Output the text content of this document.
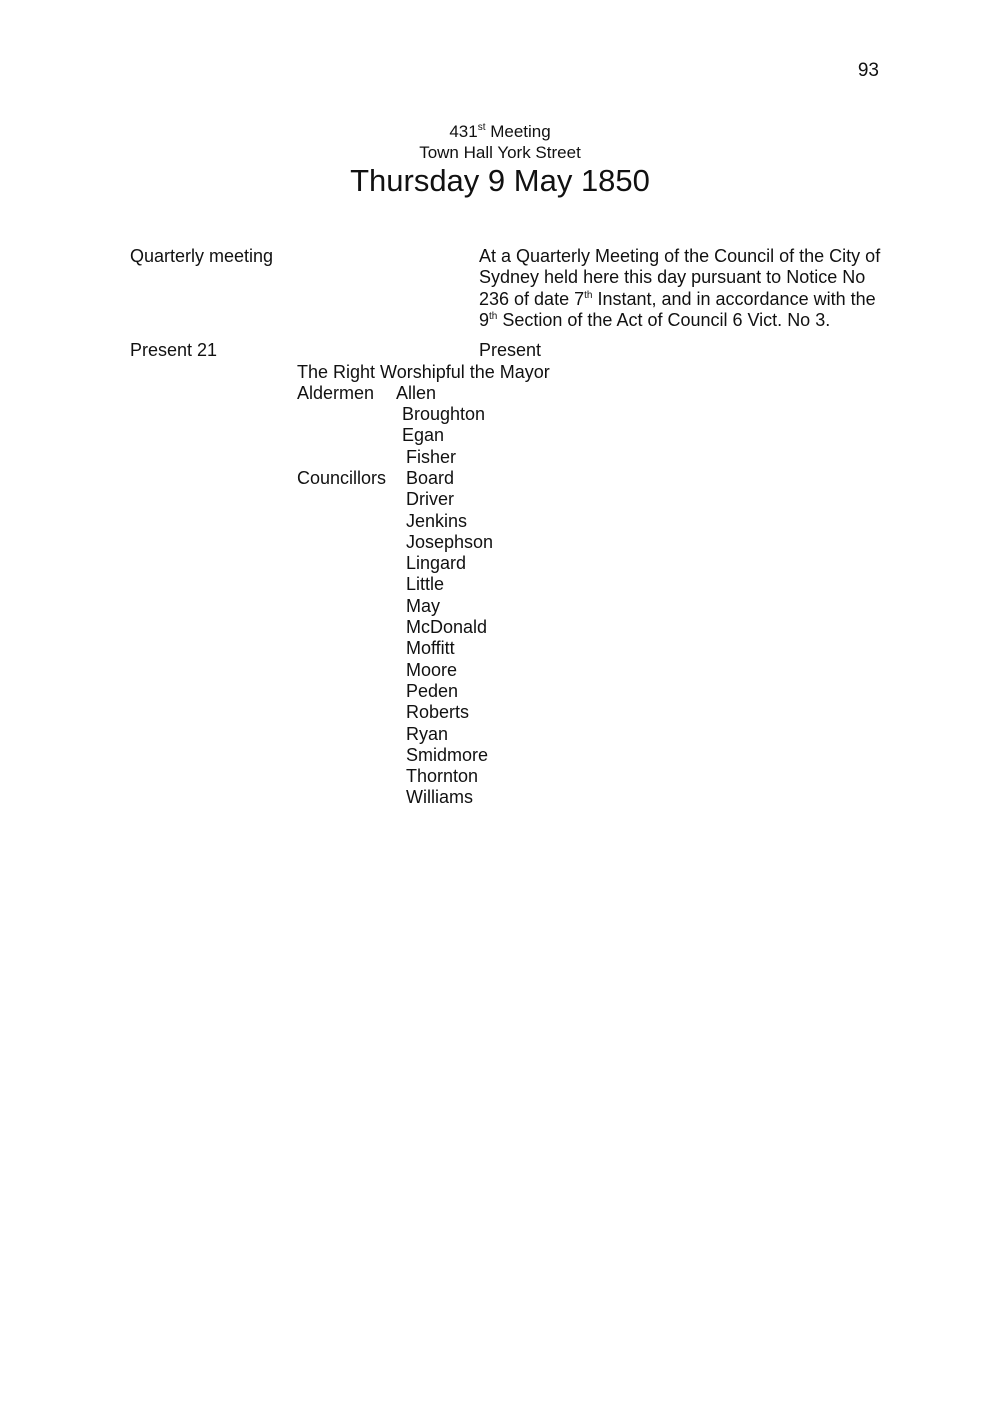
93
431st Meeting
Town Hall York Street
Thursday 9 May 1850
Quarterly meeting	At a Quarterly Meeting of the Council of the City of
Sydney held here this day pursuant to Notice No
236 of date 7th Instant, and in accordance with the
9th Section of the Act of Council 6 Vict. No 3.
Present 21	Present
The Right Worshipful the Mayor
Aldermen Allen
Broughton
Egan
Fisher
Councillors Board
Driver
Jenkins
Josephson
Lingard
Little
May
McDonald
Moffitt
Moore
Peden
Roberts
Ryan
Smidmore
Thornton
Williams
